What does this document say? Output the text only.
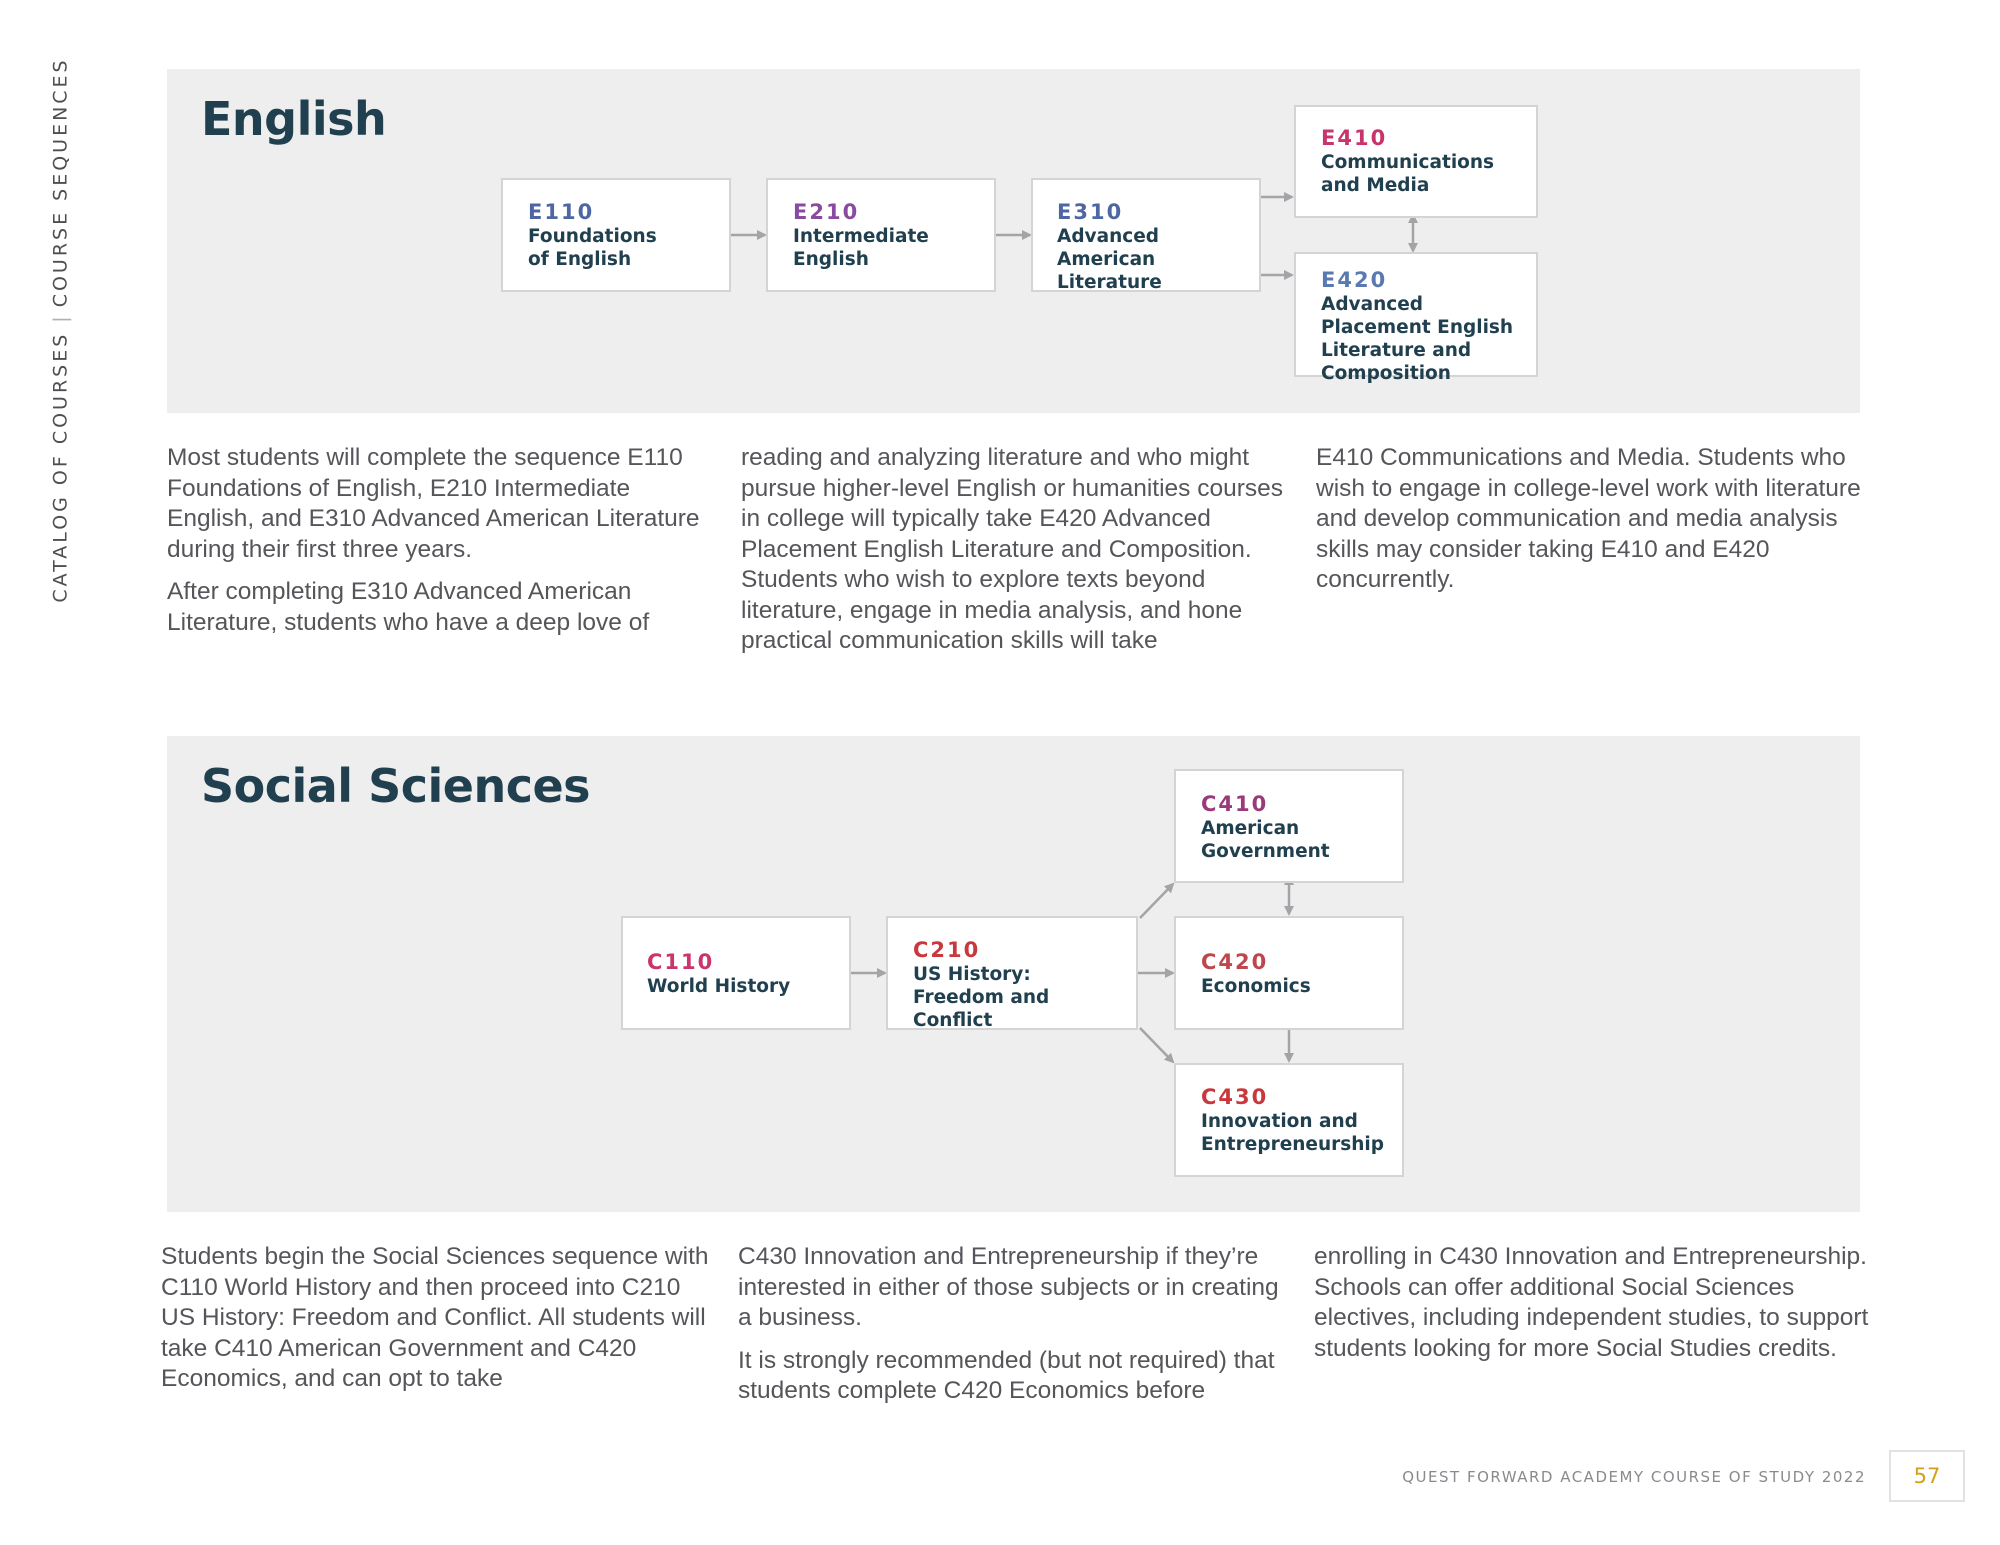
CATALOG OF COURSES|COURSE SEQUENCES	English
E110
Foundations of English
E210
Intermediate English
E310
Advanced American Literature
E410
Communications and Media
E420
Advanced Placement English Literature and Composition

Most students will complete the sequence E110 Foundations of English, E210 Intermediate English, and E310 Advanced American Literature during their first three years.

After completing E310 Advanced American Literature, students who have a deep love of

reading and analyzing literature and who might pursue higher-level English or humanities courses in college will typically take E420 Advanced Placement English Literature and Composition. Students who wish to explore texts beyond literature, engage in media analysis, and hone practical communication skills will take

E410 Communications and Media. Students who wish to engage in college-level work with literature and develop communication and media analysis skills may consider taking E410 and E420 concurrently.

Social Sciences
C110
World History
C210
US History: Freedom and Conflict
C410
American Government
C420
Economics
C430
Innovation and Entrepreneurship

Students begin the Social Sciences sequence with C110 World History and then proceed into C210 US History: Freedom and Conflict. All students will take C410 American Government and C420 Economics, and can opt to take

C430 Innovation and Entrepreneurship if they’re interested in either of those subjects or in creating a business.

It is strongly recommended (but not required) that students complete C420 Economics before

enrolling in C430 Innovation and Entrepreneurship. Schools can offer additional Social Sciences electives, including independent studies, to support students looking for more Social Studies credits.

QUEST FORWARD ACADEMY COURSE OF STUDY 2022 57
